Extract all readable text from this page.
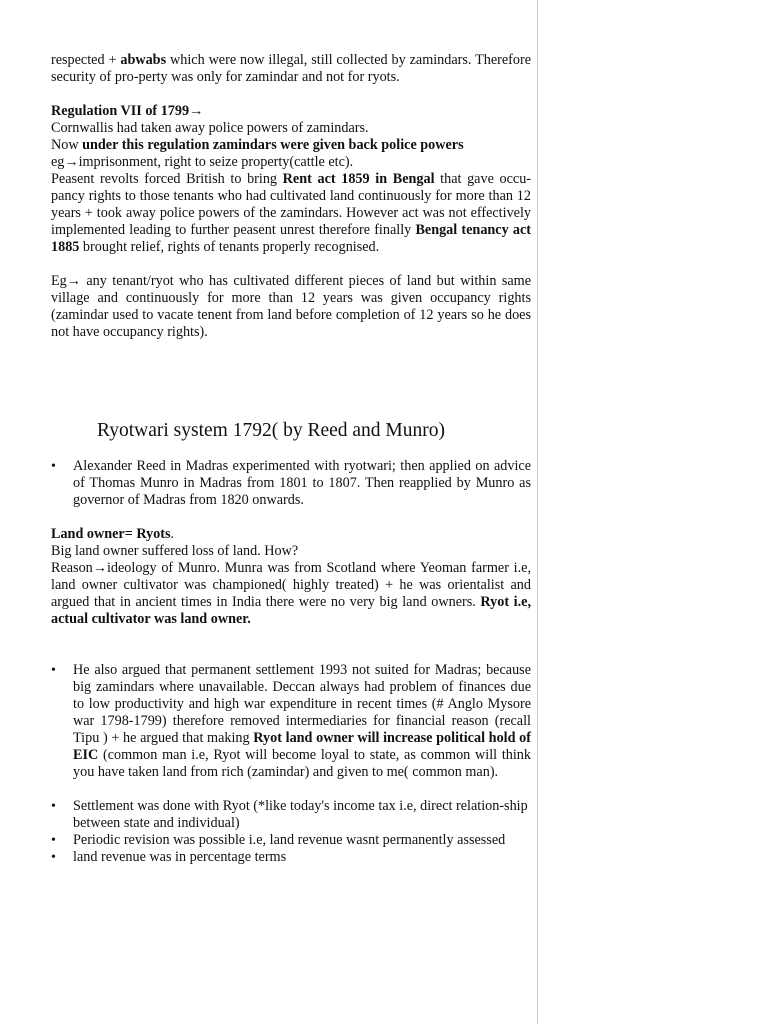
respected + abwabs which were now illegal, still collected by zamindars. Therefore security of pro-perty was only for zamindar and not for ryots.

Regulation VII of 1799→

Cornwallis had taken away police powers of zamindars.

Now under this regulation zamindars were given back police powers

eg→imprisonment, right to seize property(cattle etc).

Peasent revolts forced British to bring Rent act 1859 in Bengal that gave occu-pancy rights to those tenants who had cultivated land continuously for more than 12 years + took away police powers of the zamindars. However act was not effectively implemented leading to further peasent unrest therefore finally Bengal tenancy act 1885 brought relief, rights of tenants properly recognised.

Eg→ any tenant/ryot who has cultivated different pieces of land but within same village and continuously for more than 12 years was given occupancy rights (zamindar used to vacate tenent from land before completion of 12 years so he does not have occupancy rights).

Ryotwari system 1792( by Reed and Munro)
• Alexander Reed in Madras experimented with ryotwari; then applied on advice of Thomas Munro in Madras from 1801 to 1807. Then reapplied by Munro as governor of Madras from 1820 onwards.

Land owner= Ryots.

Big land owner suffered loss of land. How?

Reason→ideology of Munro. Munra was from Scotland where Yeoman farmer i.e, land owner cultivator was championed( highly treated) + he was orientalist and argued that in ancient times in India there were no very big land owners. Ryot i.e, actual cultivator was land owner.

• He also argued that permanent settlement 1993 not suited for Madras; because big zamindars where unavailable. Deccan always had problem of finances due to low productivity and high war expenditure in recent times (# Anglo Mysore war 1798-1799) therefore removed intermediaries for financial reason (recall Tipu ) + he argued that making Ryot land owner will increase political hold of EIC (common man i.e, Ryot will become loyal to state, as common will think you have taken land from rich (zamindar) and given to me( common man).
• Settlement was done with Ryot (*like today's income tax i.e, direct relation-ship between state and individual)
• Periodic revision was possible i.e, land revenue wasnt permanently assessed
• land revenue was in percentage terms
